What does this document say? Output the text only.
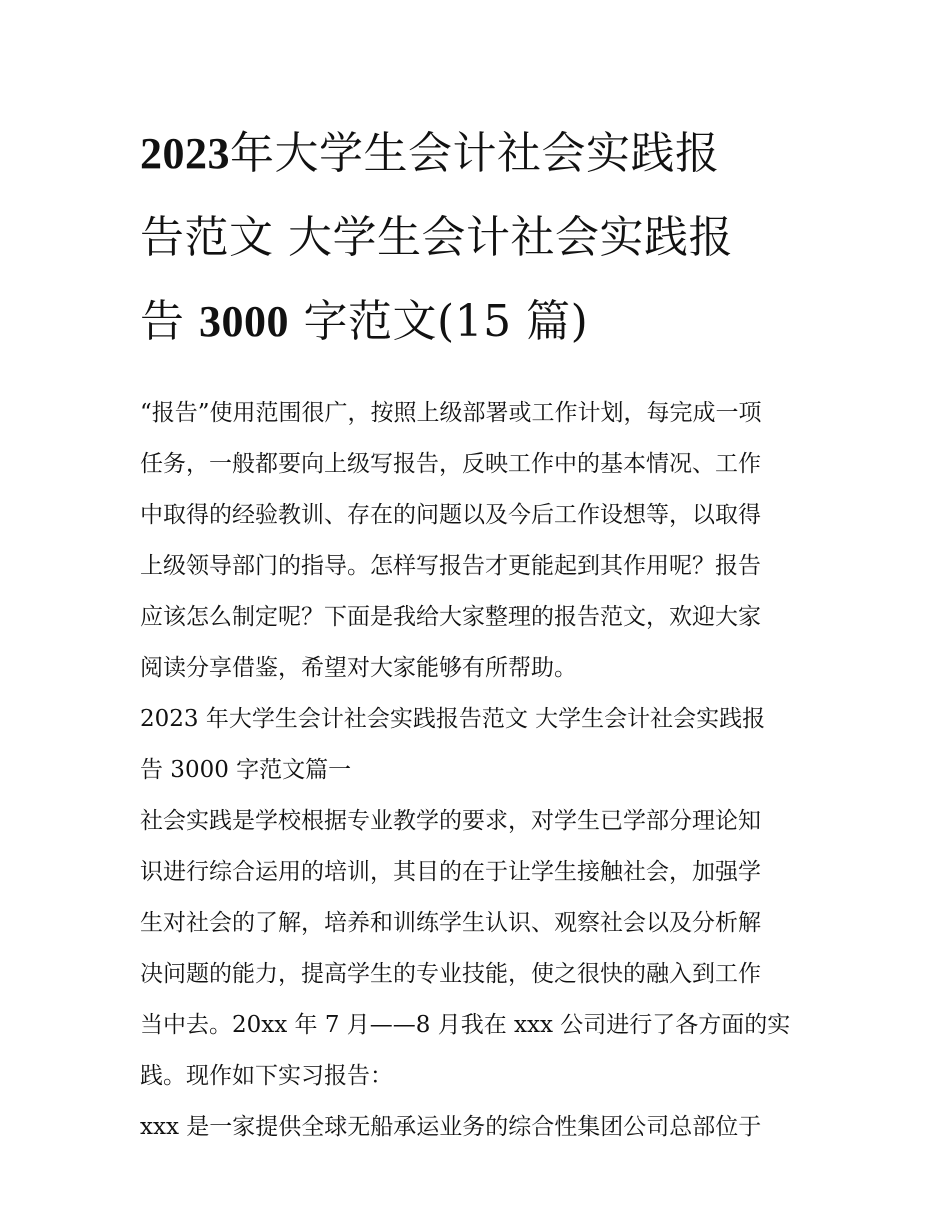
2023年大学生会计社会实践报
告范文 大学生会计社会实践报
告 3000 字范文(15 篇)
“报告”使用范围很广，按照上级部署或工作计划，每完成一项
任务，一般都要向上级写报告，反映工作中的基本情况、工作
中取得的经验教训、存在的问题以及今后工作设想等，以取得
上级领导部门的指导。怎样写报告才更能起到其作用呢？报告
应该怎么制定呢？下面是我给大家整理的报告范文，欢迎大家
阅读分享借鉴，希望对大家能够有所帮助。
2023 年大学生会计社会实践报告范文 大学生会计社会实践报
告 3000 字范文篇一
社会实践是学校根据专业教学的要求，对学生已学部分理论知
识进行综合运用的培训，其目的在于让学生接触社会，加强学
生对社会的了解，培养和训练学生认识、观察社会以及分析解
决问题的能力，提高学生的专业技能，使之很快的融入到工作
当中去。20xx 年 7 月——8 月我在 xxx 公司进行了各方面的实
践。现作如下实习报告：
xxx 是一家提供全球无船承运业务的综合性集团公司总部位于
